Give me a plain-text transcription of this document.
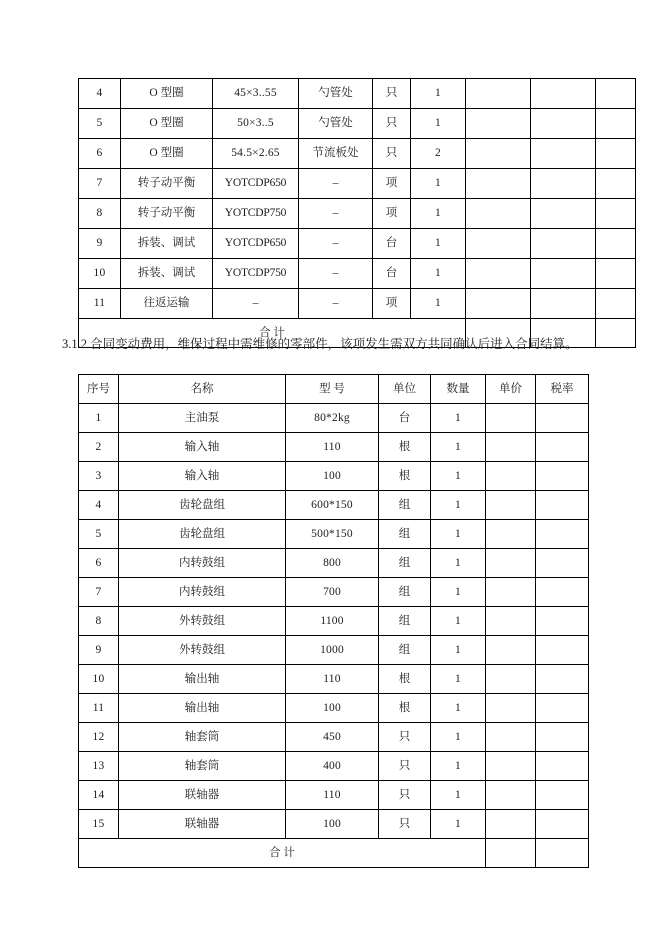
4	O 型圈	45×3..55	勺管处	只	1			
5	O 型圈	50×3..5	勺管处	只	1			
6	O 型圈	54.5×2.65	节流板处	只	2			
7	转子动平衡	YOTCDP650	–	项	1			
8	转子动平衡	YOTCDP750	–	项	1			
9	拆装、调试	YOTCDP650	–	台	1			
10	拆装、调试	YOTCDP750	–	台	1			
11	往返运输	–	–	项	1			
合 计								
3.1.2 合同变动费用，维保过程中需维修的零部件，该项发生需双方共同确认后进入合同结算。
序号	名称	型 号	单位	数量	单价	税率
1	主油泵	80*2kg	台	1		
2	输入轴	110	根	1		
3	输入轴	100	根	1		
4	齿轮盘组	600*150	组	1		
5	齿轮盘组	500*150	组	1		
6	内转鼓组	800	组	1		
7	内转鼓组	700	组	1		
8	外转鼓组	1100	组	1		
9	外转鼓组	1000	组	1		
10	输出轴	110	根	1		
11	输出轴	100	根	1		
12	轴套筒	450	只	1		
13	轴套筒	400	只	1		
14	联轴器	110	只	1		
15	联轴器	100	只	1		
合 计						
